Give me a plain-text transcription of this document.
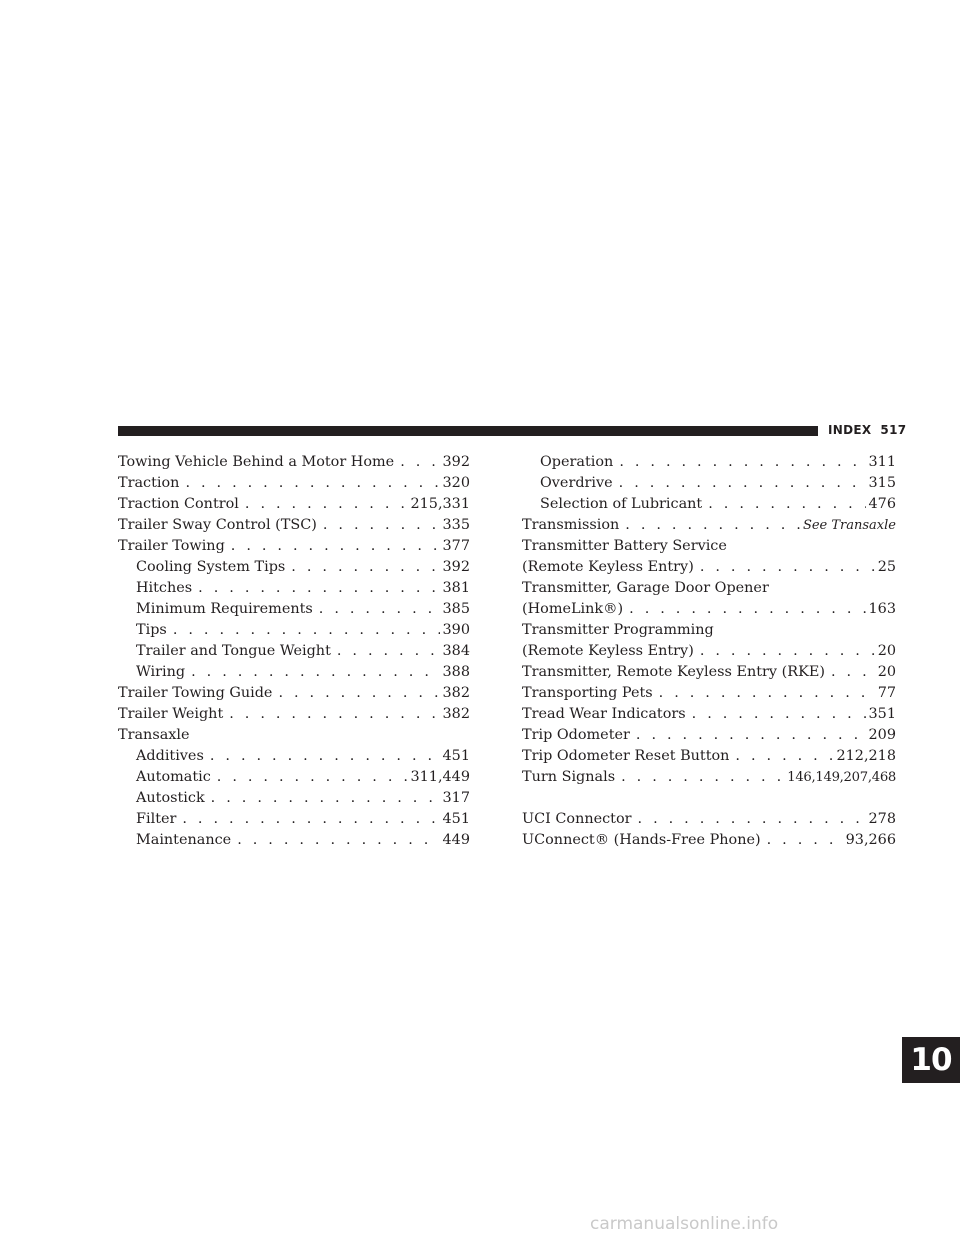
INDEX 517
Towing Vehicle Behind a Motor Home . . .	392
Traction . . .	320
Traction Control . . .	215,331
Trailer Sway Control (TSC) . . .	335
Trailer Towing . . .	377
Cooling System Tips . . .	392
Hitches . . .	381
Minimum Requirements . . .	385
Tips . . .	390
Trailer and Tongue Weight . . .	384
Wiring . . .	388
Trailer Towing Guide . . .	382
Trailer Weight . . .	382
Transaxle
Additives . . .	451
Automatic . . .	311,449
Autostick . . .	317
Filter . . .	451
Maintenance . . .	449
Operation . . .	311
Overdrive . . .	315
Selection of Lubricant . . .	476
Transmission . . .	See Transaxle
Transmitter Battery Service
(Remote Keyless Entry) . . .	25
Transmitter, Garage Door Opener
(HomeLink®) . . .	163
Transmitter Programming
(Remote Keyless Entry) . . .	20
Transmitter, Remote Keyless Entry (RKE) . . .	20
Transporting Pets . . .	77
Tread Wear Indicators . . .	351
Trip Odometer . . .	209
Trip Odometer Reset Button . . .	212,218
Turn Signals . . .	146,149,207,468
UCI Connector . . .	278
UConnect® (Hands-Free Phone) . . .	93,266
10
carmanualsonline.info
